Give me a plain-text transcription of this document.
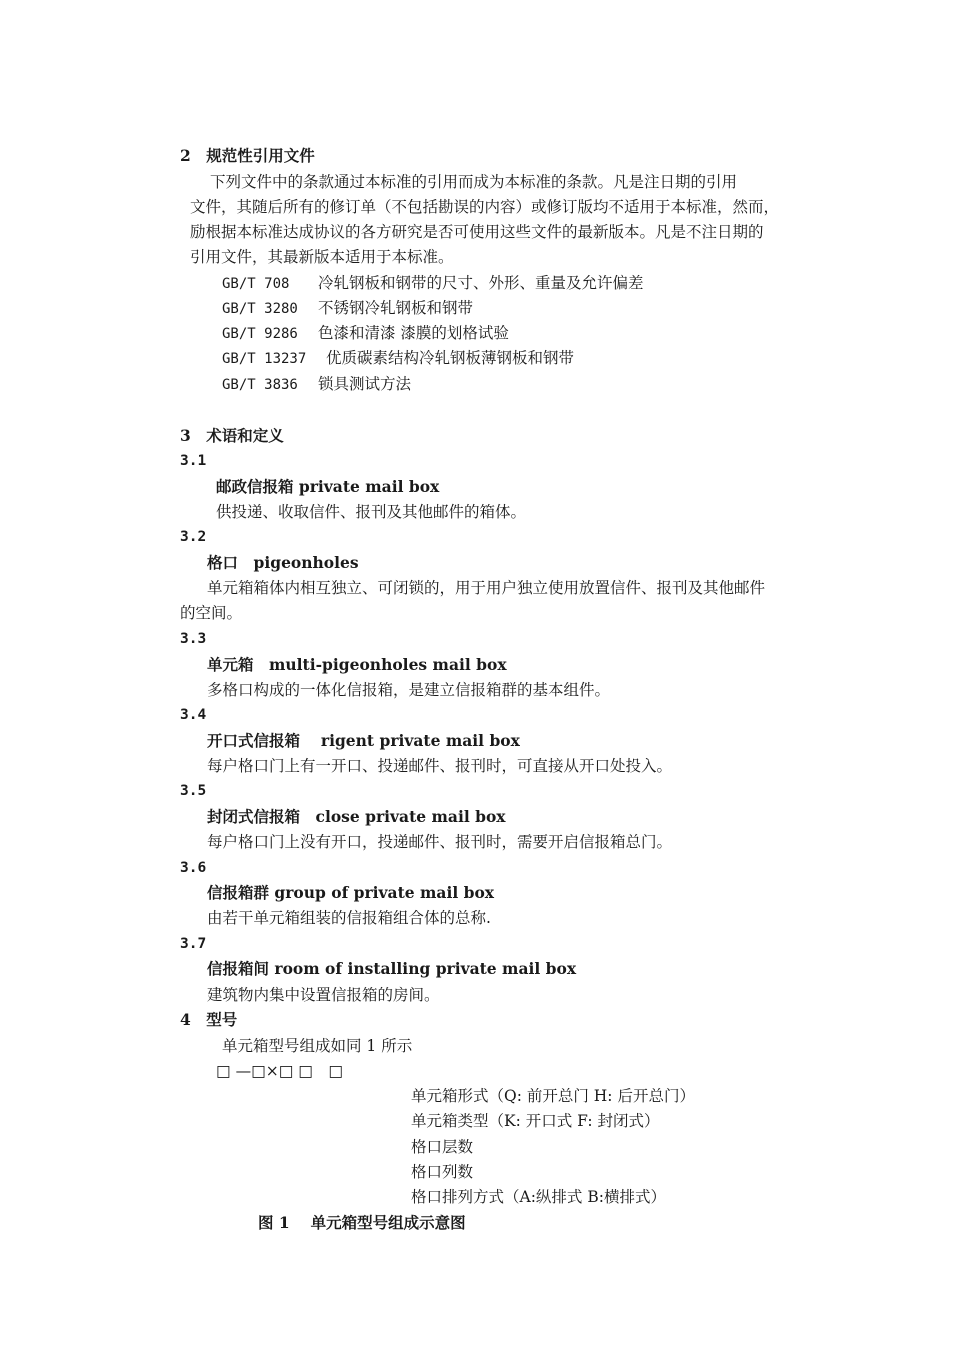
2　规范性引用文件
下列文件中的条款通过本标准的引用而成为本标准的条款。凡是注日期的引用
文件，其随后所有的修订单（不包括勘误的内容）或修订版均不适用于本标准，然而，
励根据本标准达成协议的各方研究是否可使用这些文件的最新版本。凡是不注日期的
引用文件，其最新版本适用于本标准。
GB/T 708 冷轧钢板和钢带的尺寸、外形、重量及允许偏差
GB/T 3280 不锈钢冷轧钢板和钢带
GB/T 9286 色漆和清漆 漆膜的划格试验
GB/T 13237 优质碳素结构冷轧钢板薄钢板和钢带
GB/T 3836 锁具测试方法
3　术语和定义
3.1
邮政信报箱 private mail box
供投递、收取信件、报刊及其他邮件的箱体。
3.2
格口　pigeonholes
单元箱箱体内相互独立、可闭锁的，用于用户独立使用放置信件、报刊及其他邮件
的空间。
3.3
单元箱　multi-pigeonholes mail box
多格口构成的一体化信报箱，是建立信报箱群的基本组件。
3.4
开口式信报箱　 rigent private mail box
每户格口门上有一开口、投递邮件、报刊时，可直接从开口处投入。
3.5
封闭式信报箱　close private mail box
每户格口门上没有开口，投递邮件、报刊时，需要开启信报箱总门。
3.6
信报箱群 group of private mail box
由若干单元箱组装的信报箱组合体的总称.
3.7
信报箱间 room of installing private mail box
建筑物内集中设置信报箱的房间。
4　型号
单元箱型号组成如同 1 所示
□ —□×□ □　□
单元箱形式（Q: 前开总门 H: 后开总门）
单元箱类型（K: 开口式 F: 封闭式）
格口层数
格口列数
格口排列方式（A:纵排式 B:横排式）
图 1　 单元箱型号组成示意图
